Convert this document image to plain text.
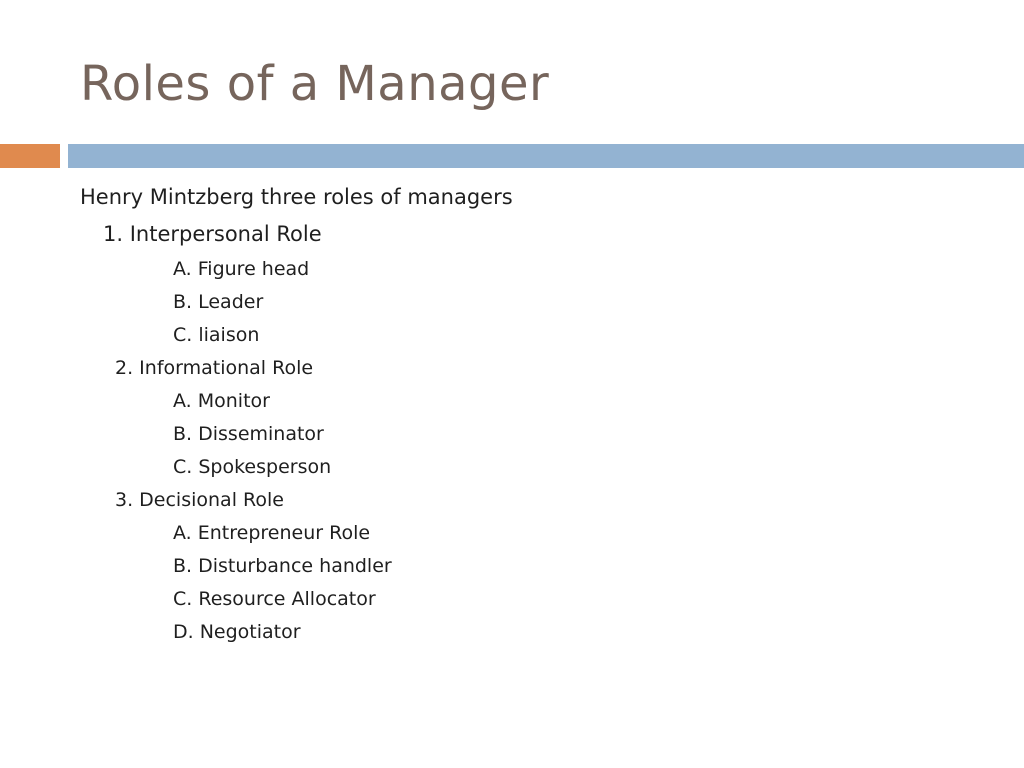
Roles of a Manager
Henry Mintzberg three roles of managers
1. Interpersonal Role
A. Figure head
B. Leader
C. liaison
2. Informational Role
A. Monitor
B. Disseminator
C. Spokesperson
3. Decisional Role
A. Entrepreneur Role
B. Disturbance handler
C. Resource Allocator
D. Negotiator
